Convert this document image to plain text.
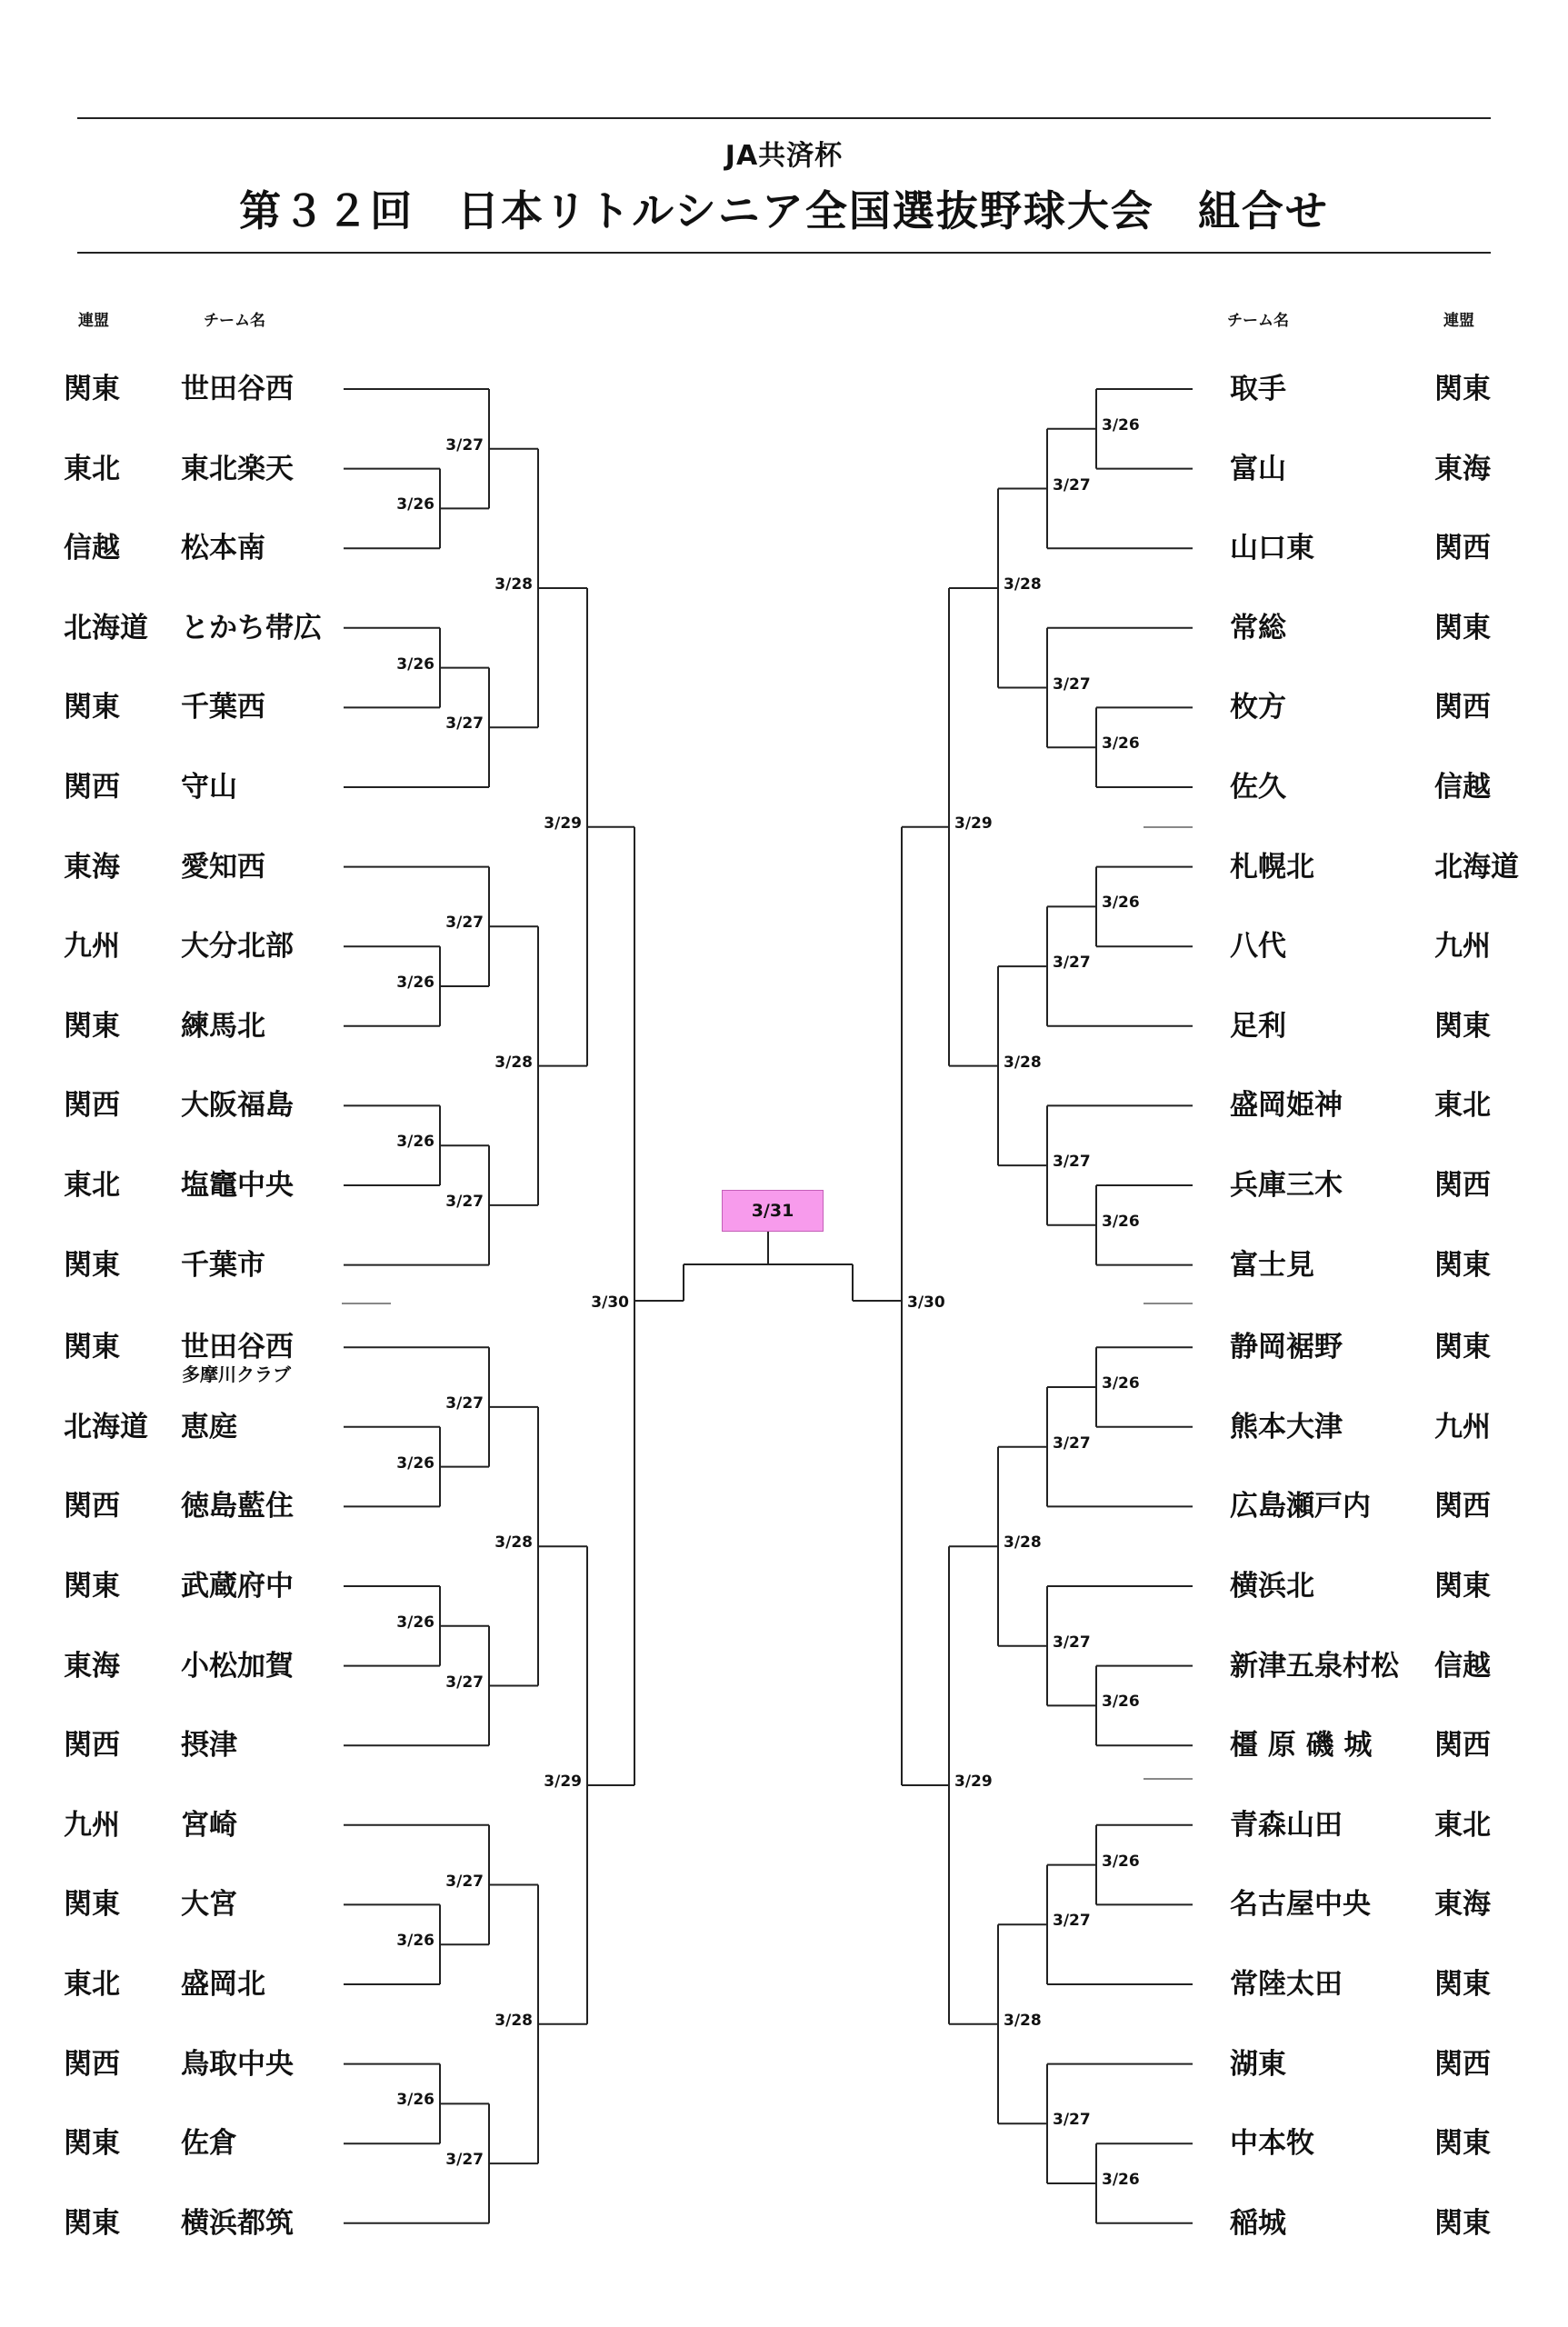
JA共済杯
第３２回　日本リトルシニア全国選抜野球大会　組合せ
連盟	チーム名	チーム名	連盟
関東 世田谷西
東北 東北楽天
信越 松本南
北海道 とかち帯広
関東 千葉西
関西 守山
東海 愛知西
九州 大分北部
関東 練馬北
関西 大阪福島
東北 塩竈中央
関東 千葉市
関東 世田谷西
多摩川クラブ
北海道 恵庭
関西 徳島藍住
関東 武蔵府中
東海 小松加賀
関西 摂津
九州 宮崎
関東 大宮
東北 盛岡北
関西 鳥取中央
関東 佐倉
関東 横浜都筑
取手	関東
富山	東海
山口東	関西
常総	関東
枚方	関西
佐久	信越
札幌北	北海道
八代	九州
足利	関東
盛岡姫神	東北
兵庫三木	関西
富士見	関東
静岡裾野	関東
熊本大津	九州
広島瀬戸内 関西
横浜北	関東
新津五泉村松 信越
橿 原 磯 城 関西
青森山田	東北
名古屋中央 東海
常陸太田	関東
湖東	関西
中本牧	関東
稲城	関東
3/26
3/27
3/26
3/27
3/26
3/27
3/26
3/27
3/26
3/27
3/26
3/27
3/26
3/27
3/26
3/27
3/28
3/28
3/28
3/28
3/29
3/29
3/30
3/26
3/27
3/26
3/27
3/26
3/27
3/26
3/27
3/26
3/27
3/26
3/27
3/26
3/27
3/26
3/27
3/28
3/28
3/28
3/28
3/29
3/29
3/30
3/31
